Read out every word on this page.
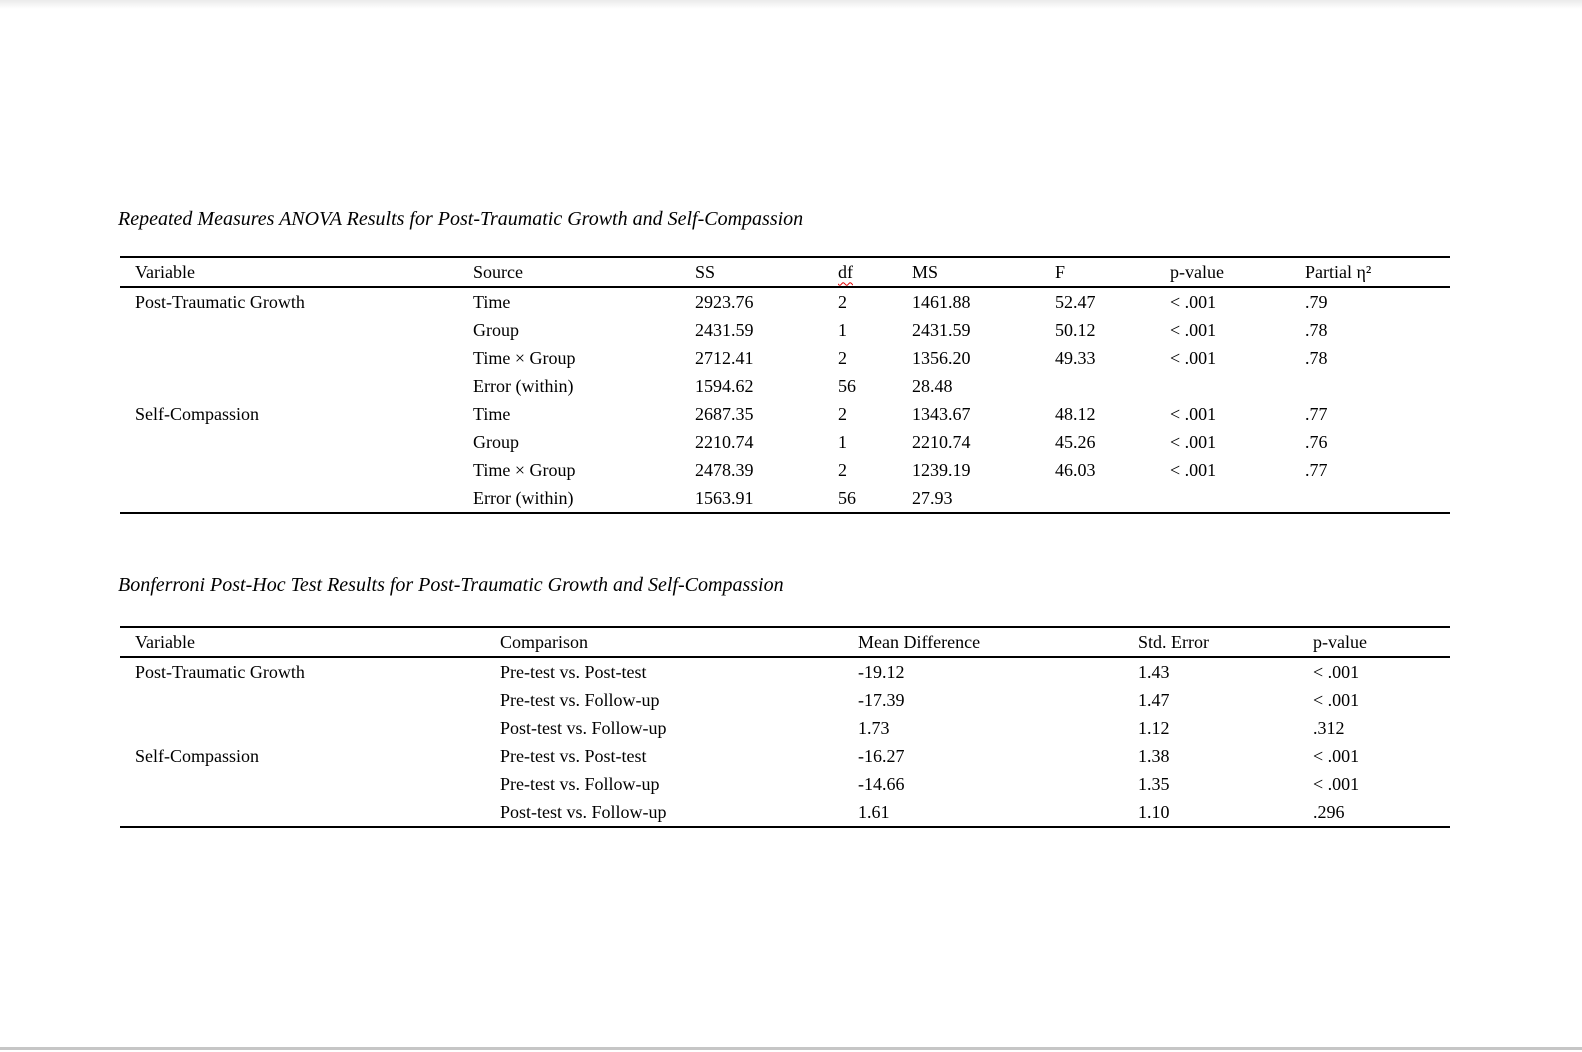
Repeated Measures ANOVA Results for Post-Traumatic Growth and Self-Compassion
Variable	Source	SS	df	MS	F	p-value	Partial η²
Post-Traumatic Growth	Time	2923.76	2	1461.88	52.47	< .001	.79
	Group	2431.59	1	2431.59	50.12	< .001	.78
	Time × Group	2712.41	2	1356.20	49.33	< .001	.78
	Error (within)	1594.62	56	28.48			
Self-Compassion	Time	2687.35	2	1343.67	48.12	< .001	.77
	Group	2210.74	1	2210.74	45.26	< .001	.76
	Time × Group	2478.39	2	1239.19	46.03	< .001	.77
	Error (within)	1563.91	56	27.93			
Bonferroni Post-Hoc Test Results for Post-Traumatic Growth and Self-Compassion
Variable	Comparison	Mean Difference	Std. Error	p-value
Post-Traumatic Growth	Pre-test vs. Post-test	-19.12	1.43	< .001
	Pre-test vs. Follow-up	-17.39	1.47	< .001
	Post-test vs. Follow-up	1.73	1.12	.312
Self-Compassion	Pre-test vs. Post-test	-16.27	1.38	< .001
	Pre-test vs. Follow-up	-14.66	1.35	< .001
	Post-test vs. Follow-up	1.61	1.10	.296
